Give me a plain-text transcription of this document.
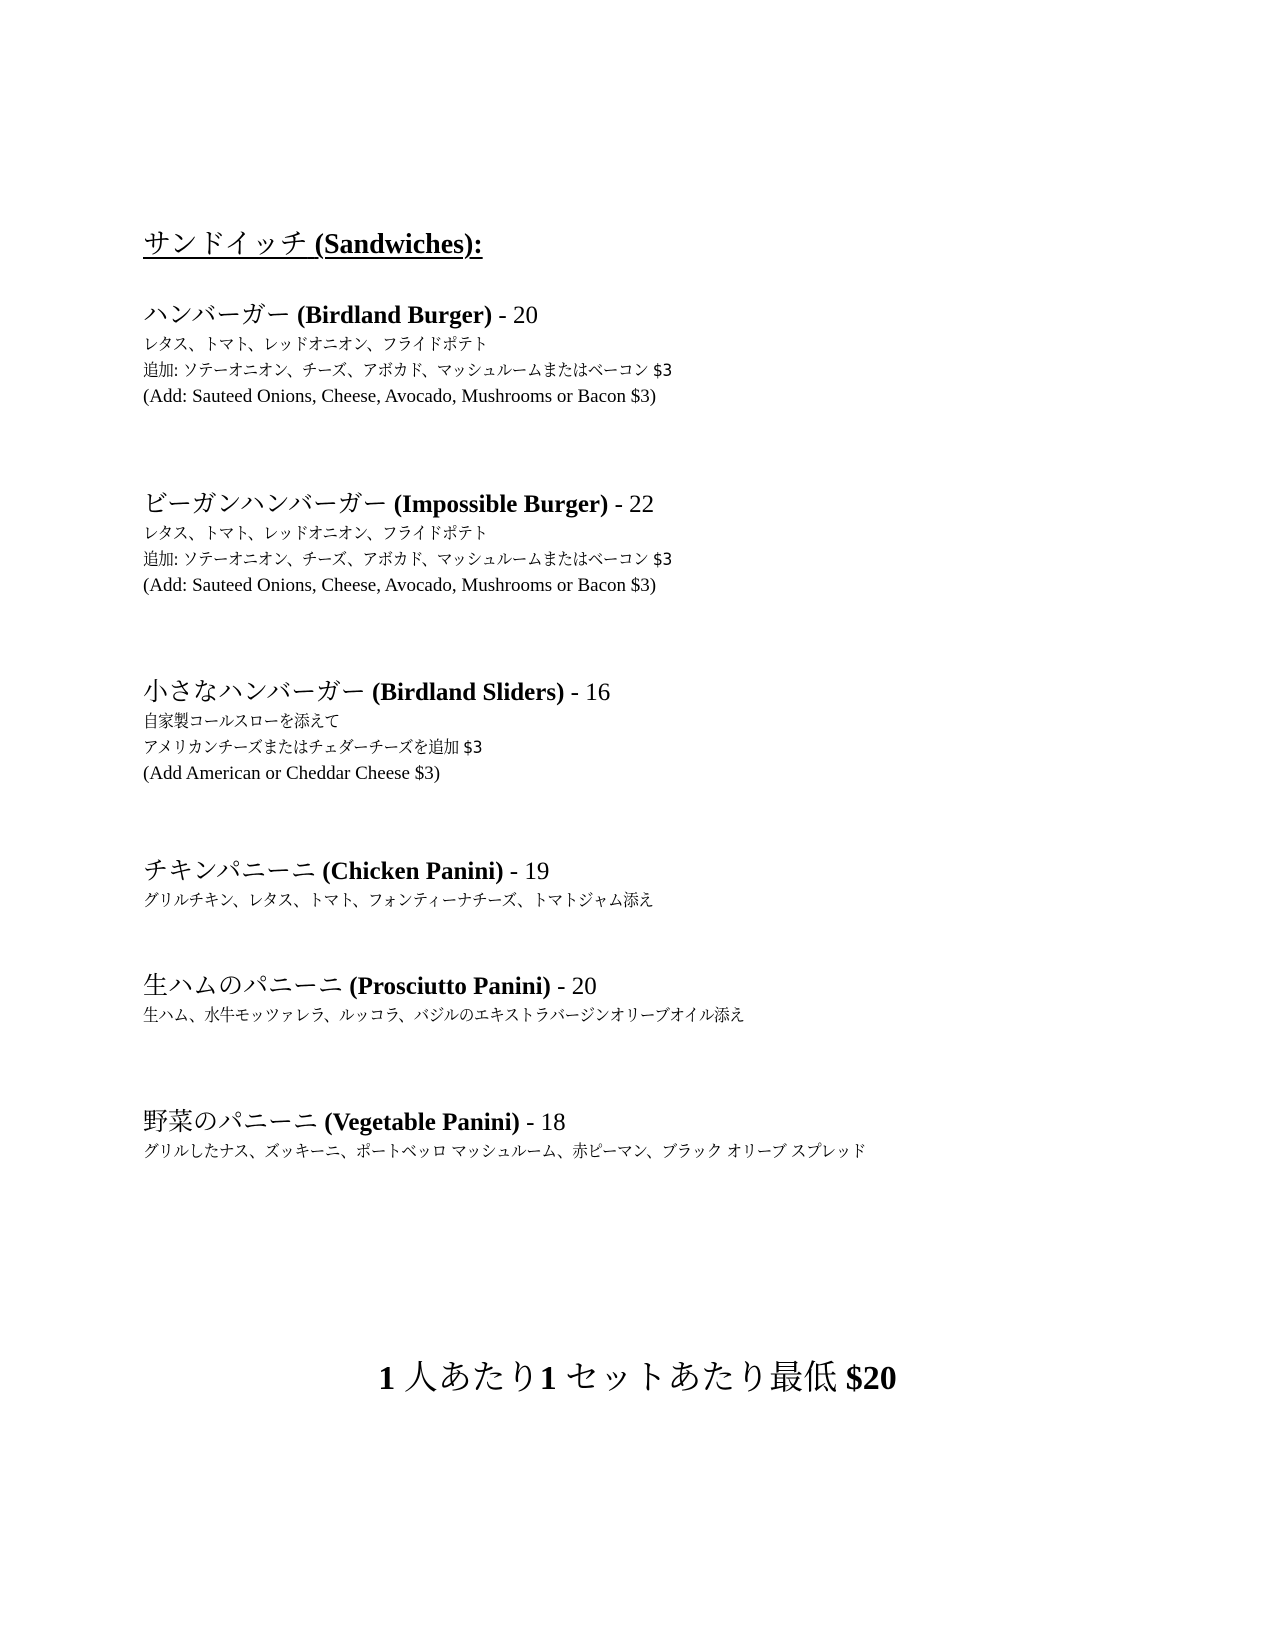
サンドイッチ (Sandwiches):
ハンバーガー (Birdland Burger) - 20
レタス、トマト、レッドオニオン、フライドポテト
追加: ソテーオニオン、チーズ、アボカド、マッシュルームまたはベーコン $3
(Add: Sauteed Onions, Cheese, Avocado, Mushrooms or Bacon $3)
ビーガンハンバーガー (Impossible Burger) - 22
レタス、トマト、レッドオニオン、フライドポテト
追加: ソテーオニオン、チーズ、アボカド、マッシュルームまたはベーコン $3
(Add: Sauteed Onions, Cheese, Avocado, Mushrooms or Bacon $3)
小さなハンバーガー (Birdland Sliders) - 16
自家製コールスローを添えて
アメリカンチーズまたはチェダーチーズを追加 $3
(Add American or Cheddar Cheese $3)
チキンパニーニ (Chicken Panini) - 19
グリルチキン、レタス、トマト、フォンティーナチーズ、トマトジャム添え
生ハムのパニーニ (Prosciutto Panini) - 20
生ハム、水牛モッツァレラ、ルッコラ、バジルのエキストラバージンオリーブオイル添え
野菜のパニーニ (Vegetable Panini) - 18
グリルしたナス、ズッキーニ、ポートベッロ マッシュルーム、赤ピーマン、ブラック オリーブ スプレッド
1 人あたり1 セットあたり最低 $20
